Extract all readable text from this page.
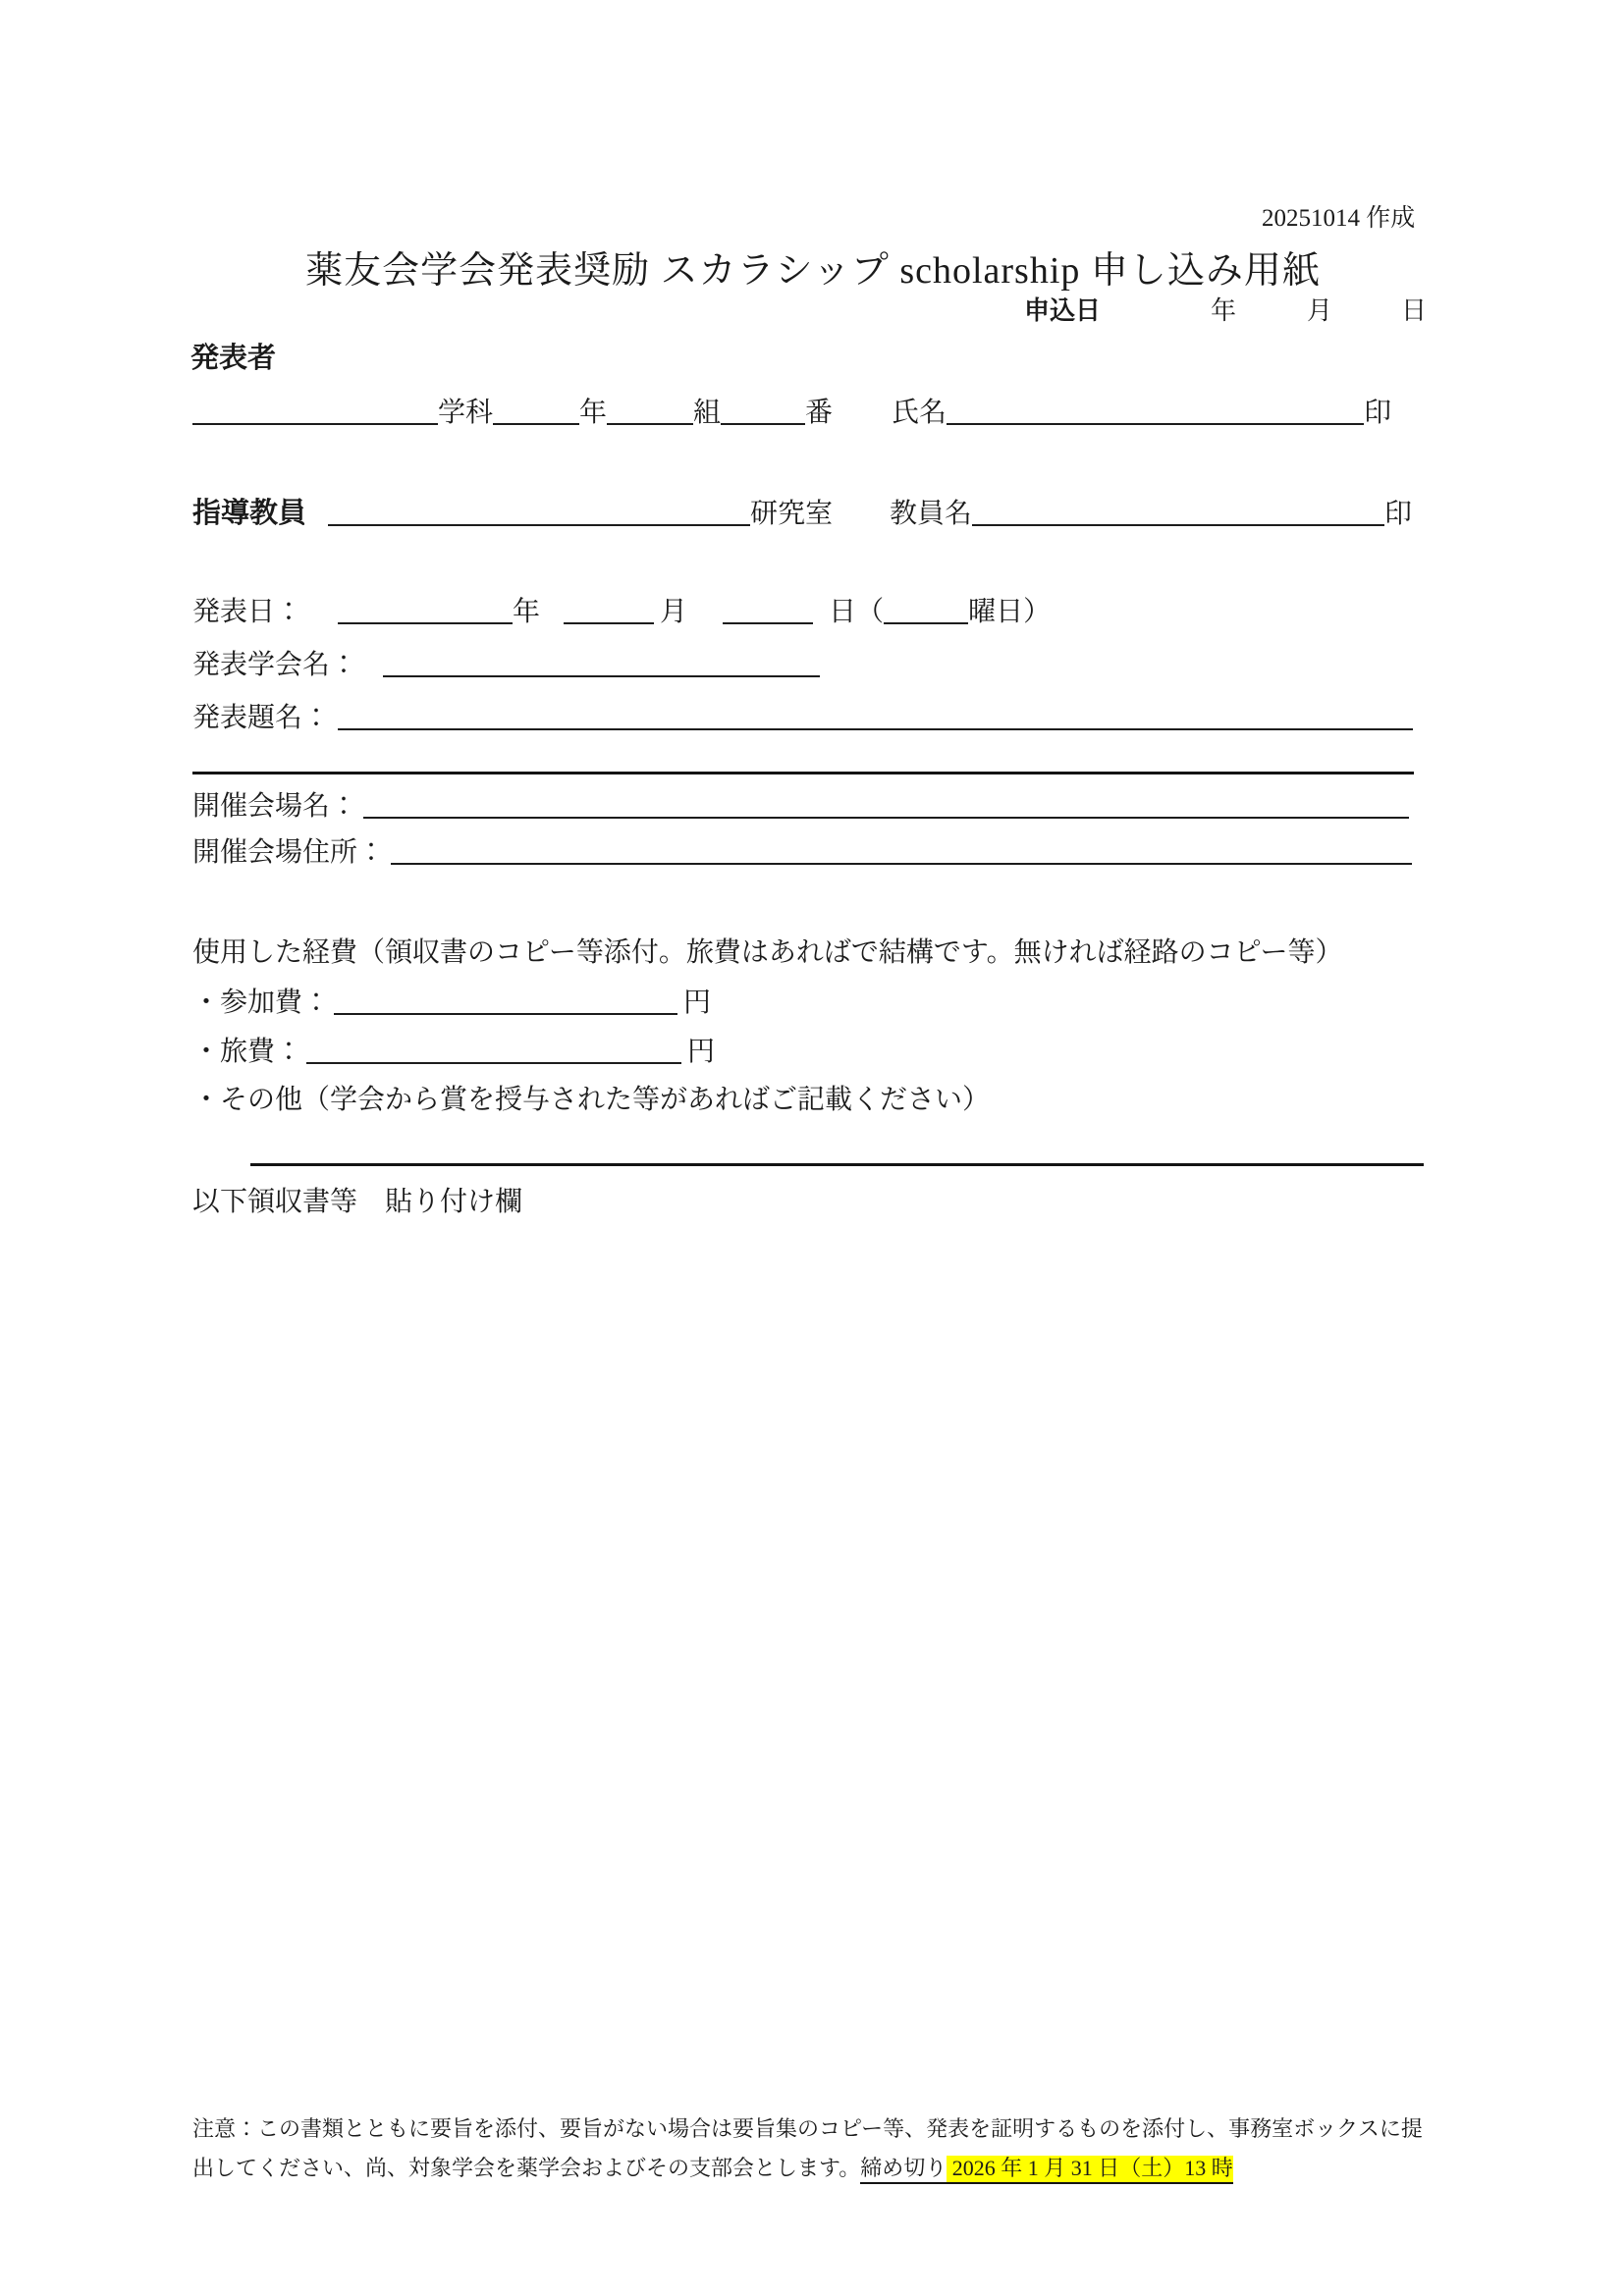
20251014 作成
薬友会学会発表奨励 スカラシップ scholarship 申し込み用紙
申込日	年	月	日
発表者
学科	年	組	番 氏名	印
指導教員	研究室 教員名	印
発表日：	年	月	日（	曜日）
発表学会名：
発表題名：
開催会場名：
開催会場住所：
使用した経費（領収書のコピー等添付。旅費はあればで結構です。無ければ経路のコピー等）
・参加費：	円
・旅費：	円
・その他（学会から賞を授与された等があればご記載ください）
以下領収書等　貼り付け欄
注意：この書類とともに要旨を添付、要旨がない場合は要旨集のコピー等、発表を証明するものを添付し、事務室ボックスに提
出してください、尚、対象学会を薬学会およびその支部会とします。締め切り 2026 年 1 月 31 日（土）13 時
